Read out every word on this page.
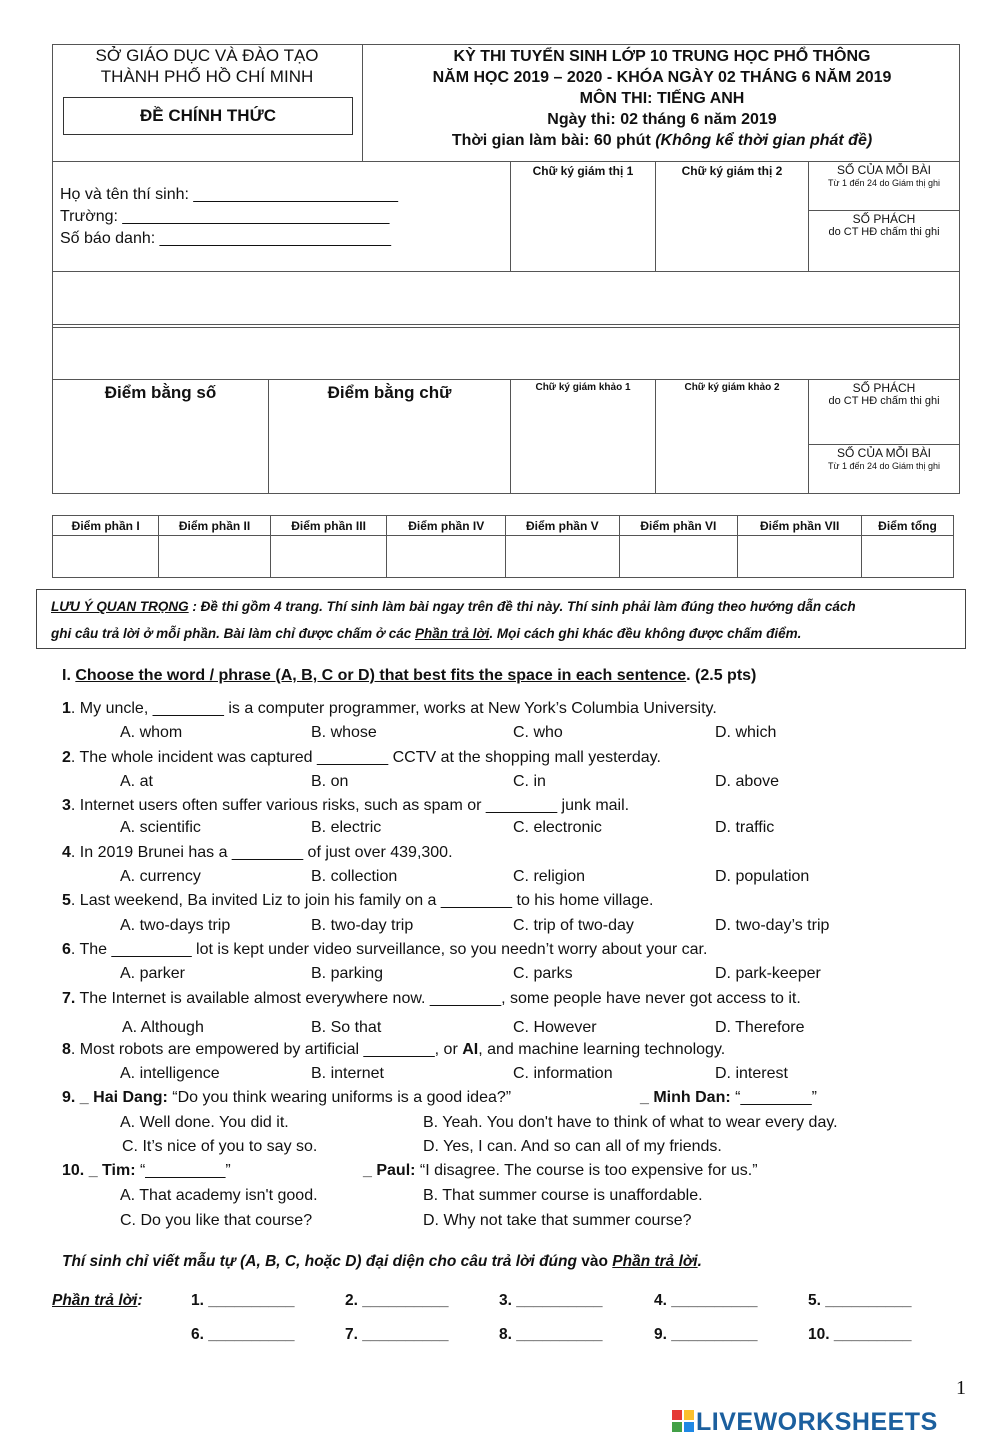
SỞ GIÁO DỤC VÀ ĐÀO TẠO
THÀNH PHỐ HỒ CHÍ MINH
ĐỀ CHÍNH THỨC
KỲ THI TUYỂN SINH LỚP 10 TRUNG HỌC PHỔ THÔNG
NĂM HỌC 2019 – 2020 - KHÓA NGÀY 02 THÁNG 6 NĂM 2019
MÔN THI: TIẾNG ANH
Ngày thi: 02 tháng 6 năm 2019
Thời gian làm bài: 60 phút (Không kể thời gian phát đề)
Họ và tên thí sinh: _______________________
Trường: ______________________________
Số báo danh: __________________________
Chữ ký giám thị 1	Chữ ký giám thị 2	SỐ CỦA MỖI BÀI
Từ 1 đến 24 do Giám thị ghi
SỐ PHÁCH
do CT HĐ chấm thi ghi
Điểm bằng số	Điểm bằng chữ	Chữ ký giám khảo 1	Chữ ký giám khảo 2	SỐ PHÁCH
do CT HĐ chấm thi ghi
SỐ CỦA MỖI BÀI
Từ 1 đến 24 do Giám thị ghi
Điểm phần I	Điểm phần II	Điểm phần III	Điểm phần IV	Điểm phần V	Điểm phần VI	Điểm phần VII	Điểm tổng

LƯU Ý QUAN TRỌNG : Đề thi gồm 4 trang. Thí sinh làm bài ngay trên đề thi này. Thí sinh phải làm đúng theo hướng dẫn cách
ghi câu trả lời ở mỗi phần. Bài làm chỉ được chấm ở các Phần trả lời. Mọi cách ghi khác đều không được chấm điểm.
I. Choose the word / phrase (A, B, C or D) that best fits the space in each sentence. (2.5 pts)
1. My uncle, ________ is a computer programmer, works at New York’s Columbia University.
A. whom	B. whose	C. who	D. which
2. The whole incident was captured ________ CCTV at the shopping mall yesterday.
A. at	B. on	C. in	D. above
3. Internet users often suffer various risks, such as spam or ________ junk mail.
A. scientific	B. electric	C. electronic	D. traffic
4. In 2019 Brunei has a ________ of just over 439,300.
A. currency	B. collection	C. religion	D. population
5. Last weekend, Ba invited Liz to join his family on a ________ to his home village.
A. two-days trip	B. two-day trip	C. trip of two-day	D. two-day’s trip
6. The _________ lot is kept under video surveillance, so you needn’t worry about your car.
A. parker	B. parking	C. parks	D. park-keeper
7. The Internet is available almost everywhere now. ________, some people have never got access to it.
A. Although	B. So that	C. However	D. Therefore
8. Most robots are empowered by artificial ________, or AI, and machine learning technology.
A. intelligence	B. internet	C. information	D. interest
9. _ Hai Dang: “Do you think wearing uniforms is a good idea?”	_ Minh Dan: “________”
A. Well done. You did it.	B. Yeah. You don't have to think of what to wear every day.
C. It’s nice of you to say so.	D. Yes, I can. And so can all of my friends.
10. _ Tim: “_________”	_ Paul: “I disagree. The course is too expensive for us.”
A. That academy isn't good.	B. That summer course is unaffordable.
C. Do you like that course?	D. Why not take that summer course?
Thí sinh chỉ viết mẫu tự (A, B, C, hoặc D) đại diện cho câu trả lời đúng vào Phần trả lời.
Phần trả lời:	1. __________	2. __________	3. __________	4. __________	5. __________
6. __________	7. __________	8. __________	9. __________	10. _________
1
LIVEWORKSHEETS
